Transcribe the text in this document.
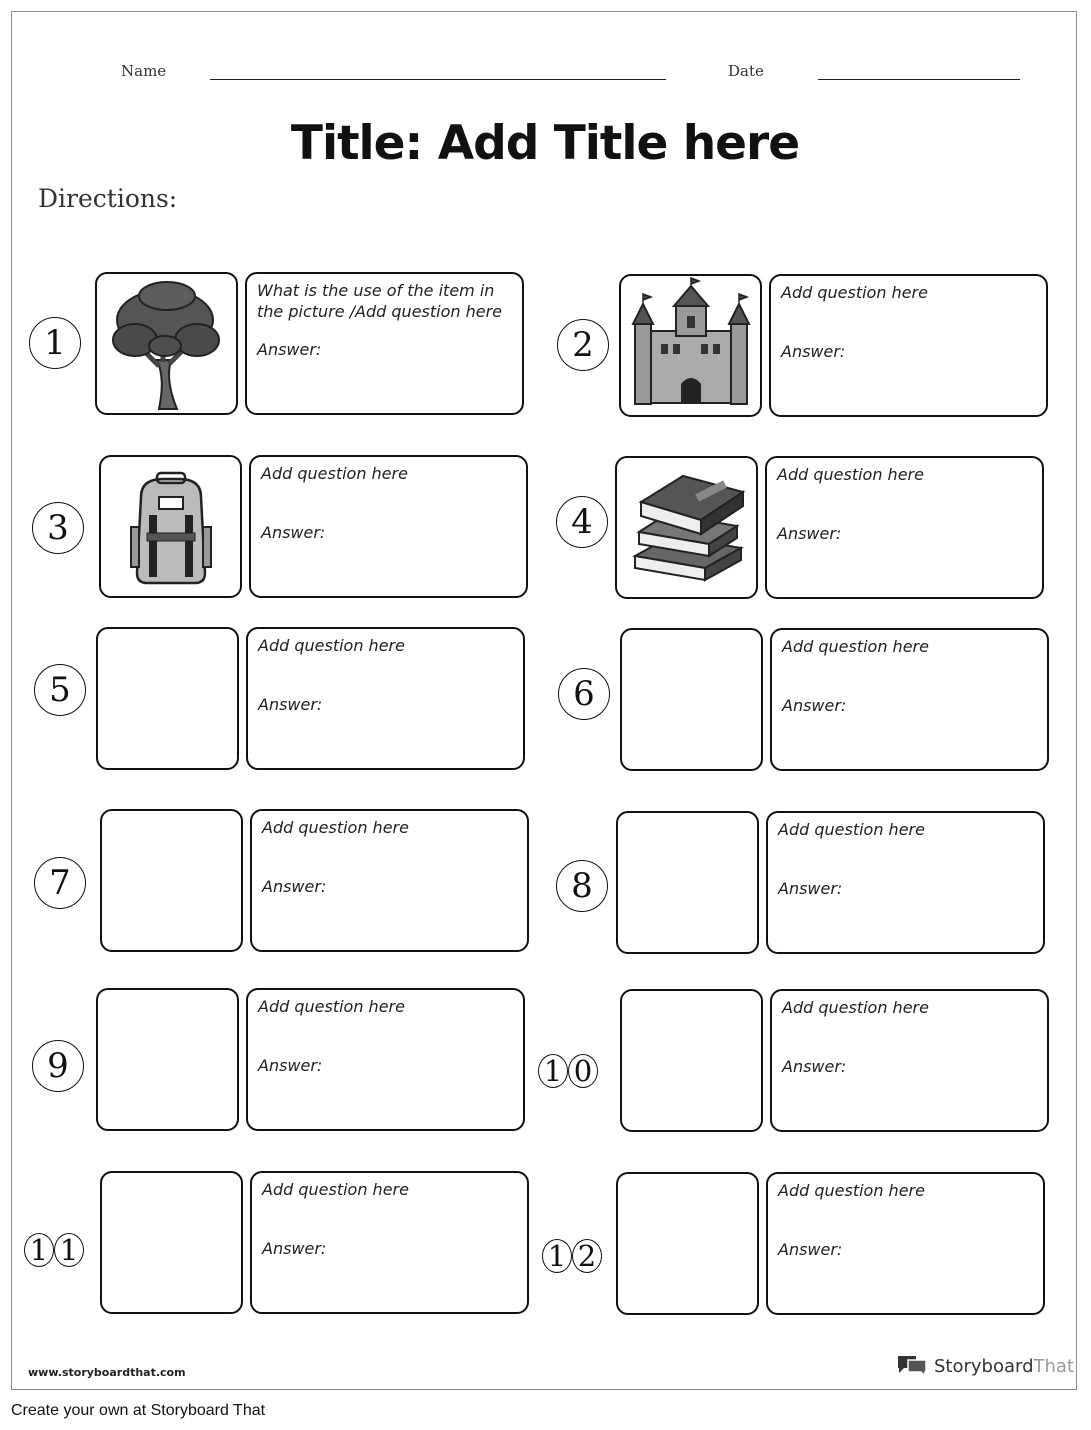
Name	Date
Title: Add Title here
Directions:
1
What is the use of the item in the picture /Add question here
Answer:	2
Add question here
Answer:
3
Add question here
Answer:	4
Add question here
Answer:
5
Add question here
Answer:	6
Add question here
Answer:
7
Add question here
Answer:	8
Add question here
Answer:
9
Add question here
Answer:	1 0
Add question here
Answer:
1 1
Add question here
Answer:	1 2
Add question here
Answer:
www.storyboardthat.com	StoryboardThat
Create your own at Storyboard That
